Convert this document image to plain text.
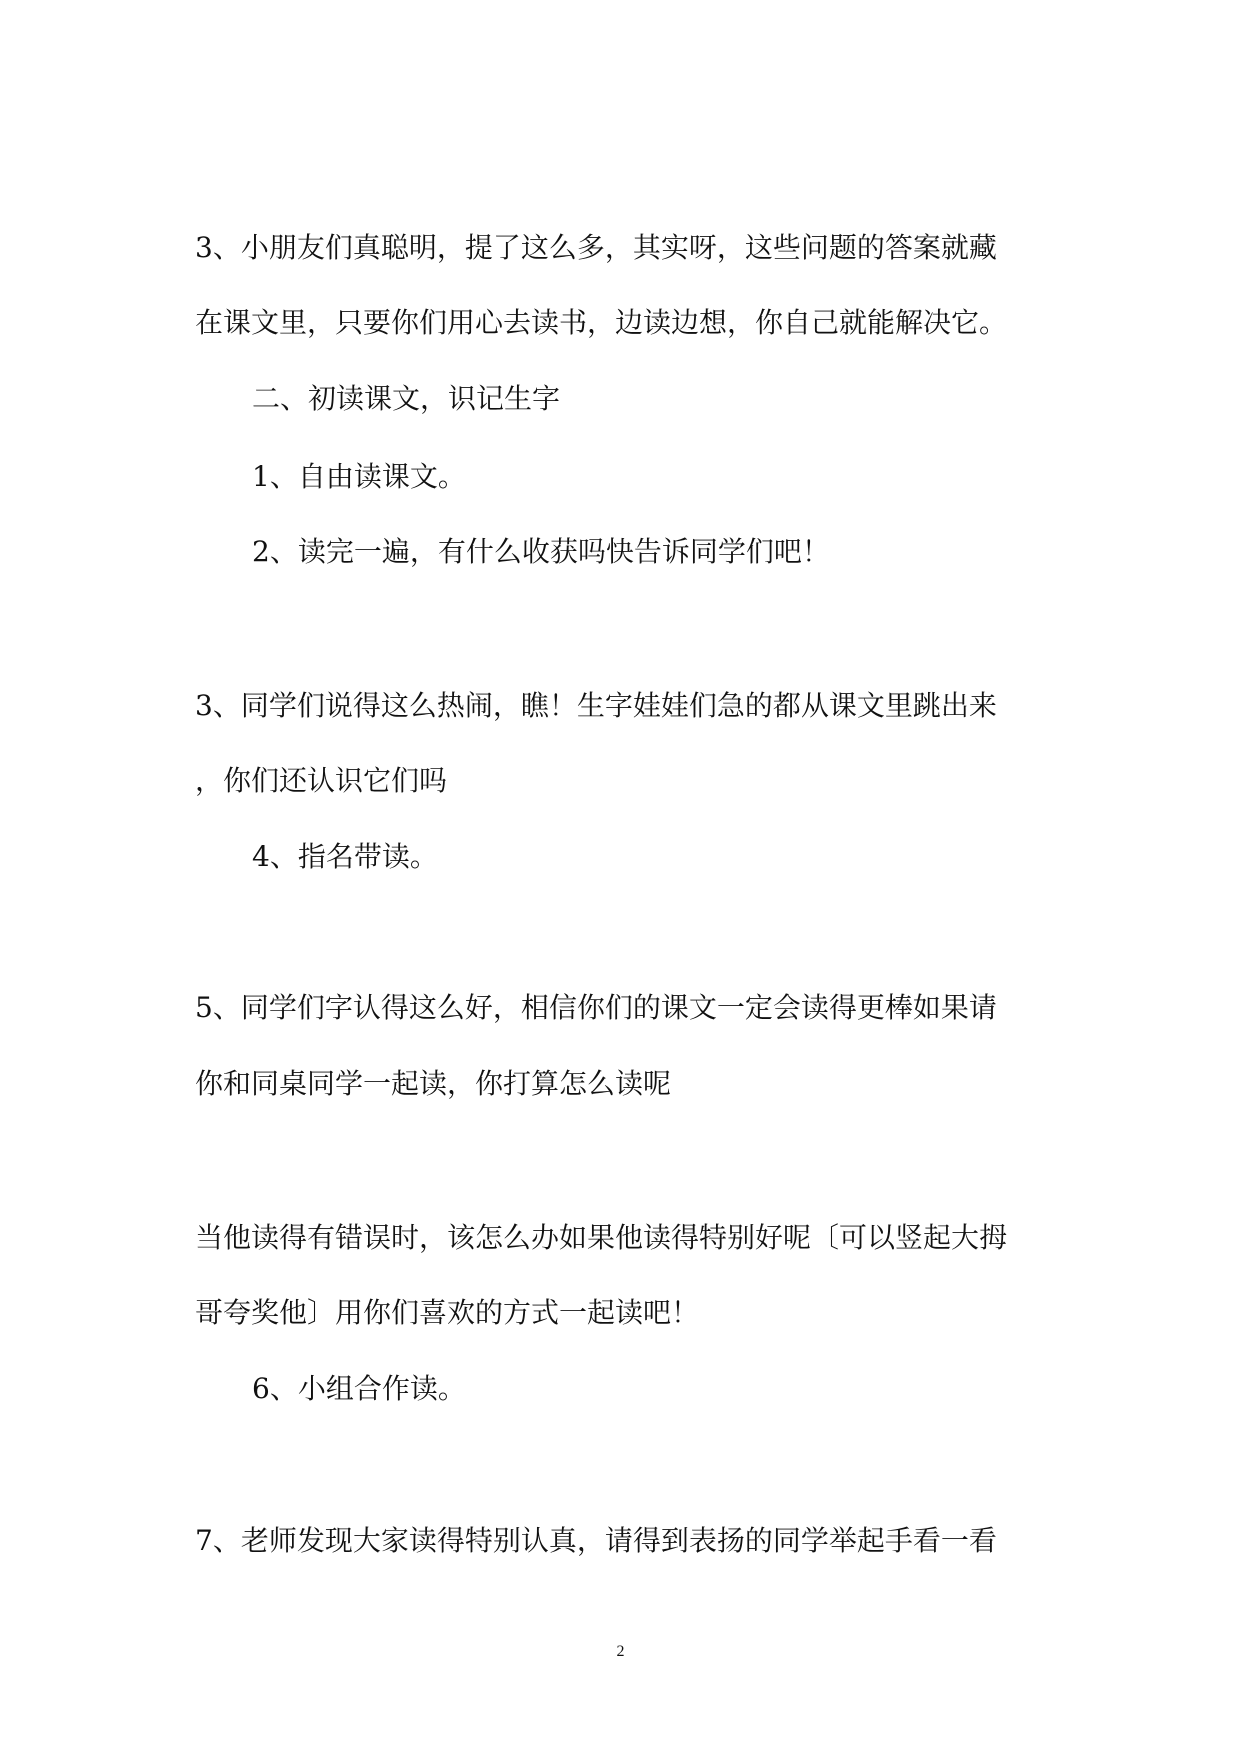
3、小朋友们真聪明，提了这么多，其实呀，这些问题的答案就藏
在课文里，只要你们用心去读书，边读边想，你自己就能解决它。
二、初读课文，识记生字
1、自由读课文。
2、读完一遍，有什么收获吗快告诉同学们吧！
3、同学们说得这么热闹，瞧！生字娃娃们急的都从课文里跳出来
，你们还认识它们吗
4、指名带读。
5、同学们字认得这么好，相信你们的课文一定会读得更棒如果请
你和同桌同学一起读，你打算怎么读呢
当他读得有错误时，该怎么办如果他读得特别好呢〔可以竖起大拇
哥夸奖他〕用你们喜欢的方式一起读吧！
6、小组合作读。
7、老师发现大家读得特别认真，请得到表扬的同学举起手看一看
2
